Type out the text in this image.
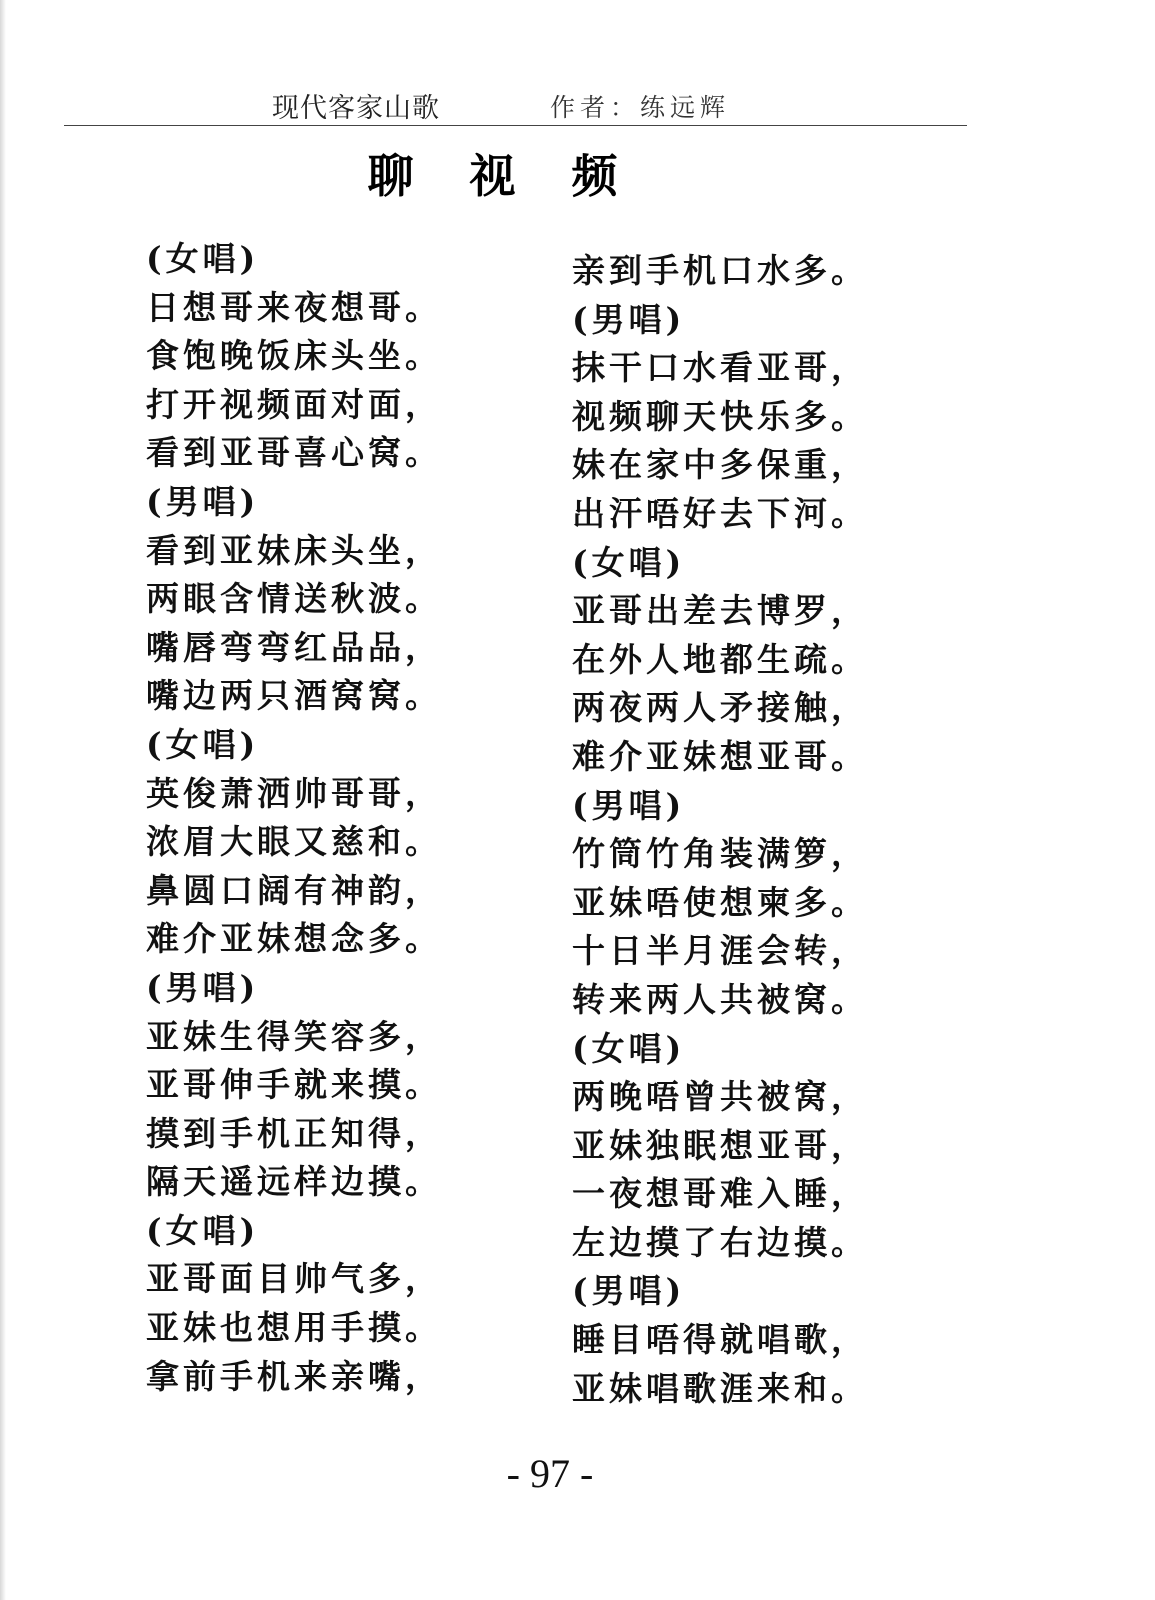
现代客家山歌	作者：练远辉
聊 视 频
(女唱)
日想哥来夜想哥。
食饱晚饭床头坐。
打开视频面对面，
看到亚哥喜心窝。
(男唱)
看到亚妹床头坐，
两眼含情送秋波。
嘴唇弯弯红品品，
嘴边两只酒窝窝。
(女唱)
英俊萧洒帅哥哥，
浓眉大眼又慈和。
鼻圆口阔有神韵，
难介亚妹想念多。
(男唱)
亚妹生得笑容多，
亚哥伸手就来摸。
摸到手机正知得，
隔天遥远样边摸。
(女唱)
亚哥面目帅气多，
亚妹也想用手摸。
拿前手机来亲嘴，
亲到手机口水多。
(男唱)
抹干口水看亚哥，
视频聊天快乐多。
妹在家中多保重，
出汗唔好去下河。
(女唱)
亚哥出差去博罗，
在外人地都生疏。
两夜两人矛接触，
难介亚妹想亚哥。
(男唱)
竹筒竹角装满箩，
亚妹唔使想柬多。
十日半月涯会转，
转来两人共被窝。
(女唱)
两晚唔曾共被窝，
亚妹独眠想亚哥，
一夜想哥难入睡，
左边摸了右边摸。
(男唱)
睡目唔得就唱歌，
亚妹唱歌涯来和。
- 97 -
